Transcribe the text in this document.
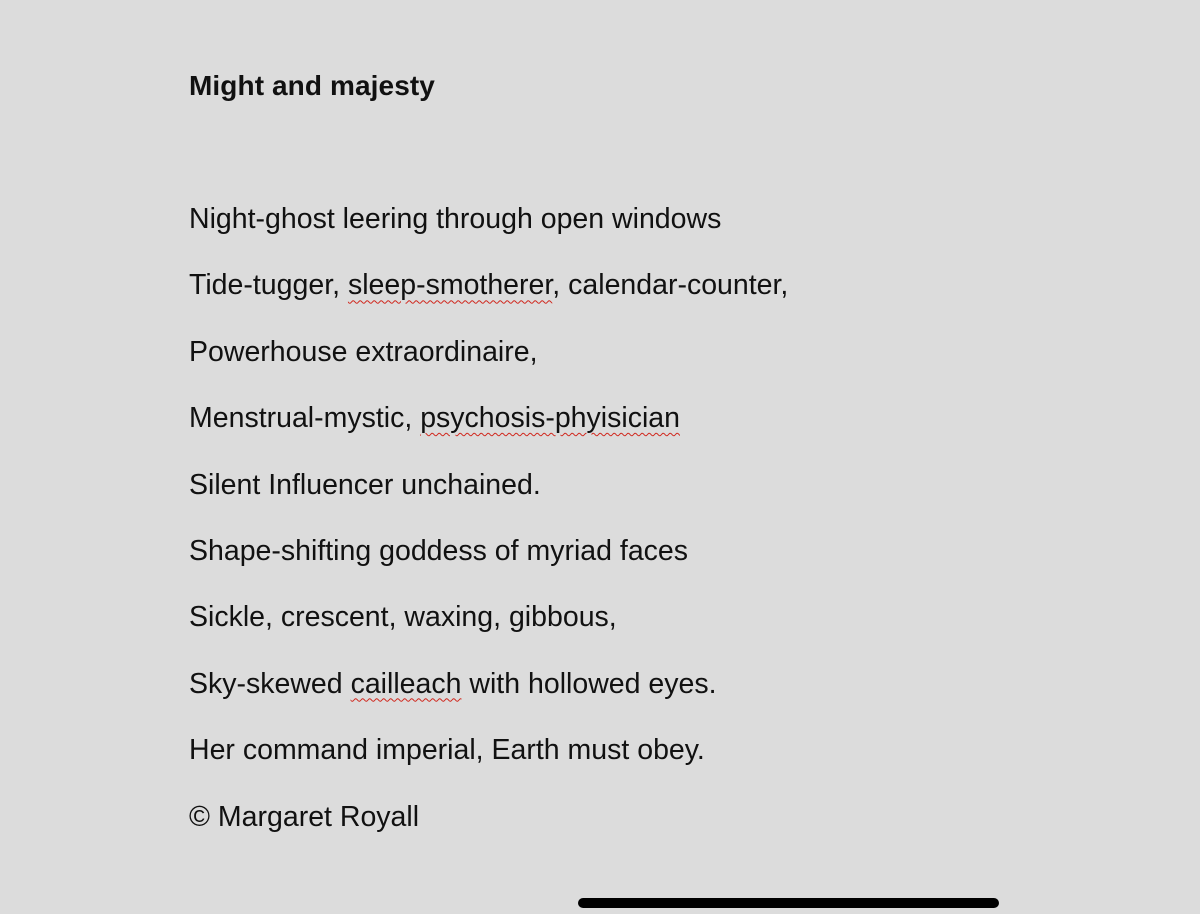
Might and majesty
Night-ghost leering through open windows
Tide-tugger, sleep-smotherer, calendar-counter,
Powerhouse extraordinaire,
Menstrual-mystic, psychosis-phyisician
Silent Influencer unchained.
Shape-shifting goddess of myriad faces
Sickle, crescent, waxing, gibbous,
Sky-skewed cailleach with hollowed eyes.
Her command imperial, Earth must obey.
© Margaret Royall
